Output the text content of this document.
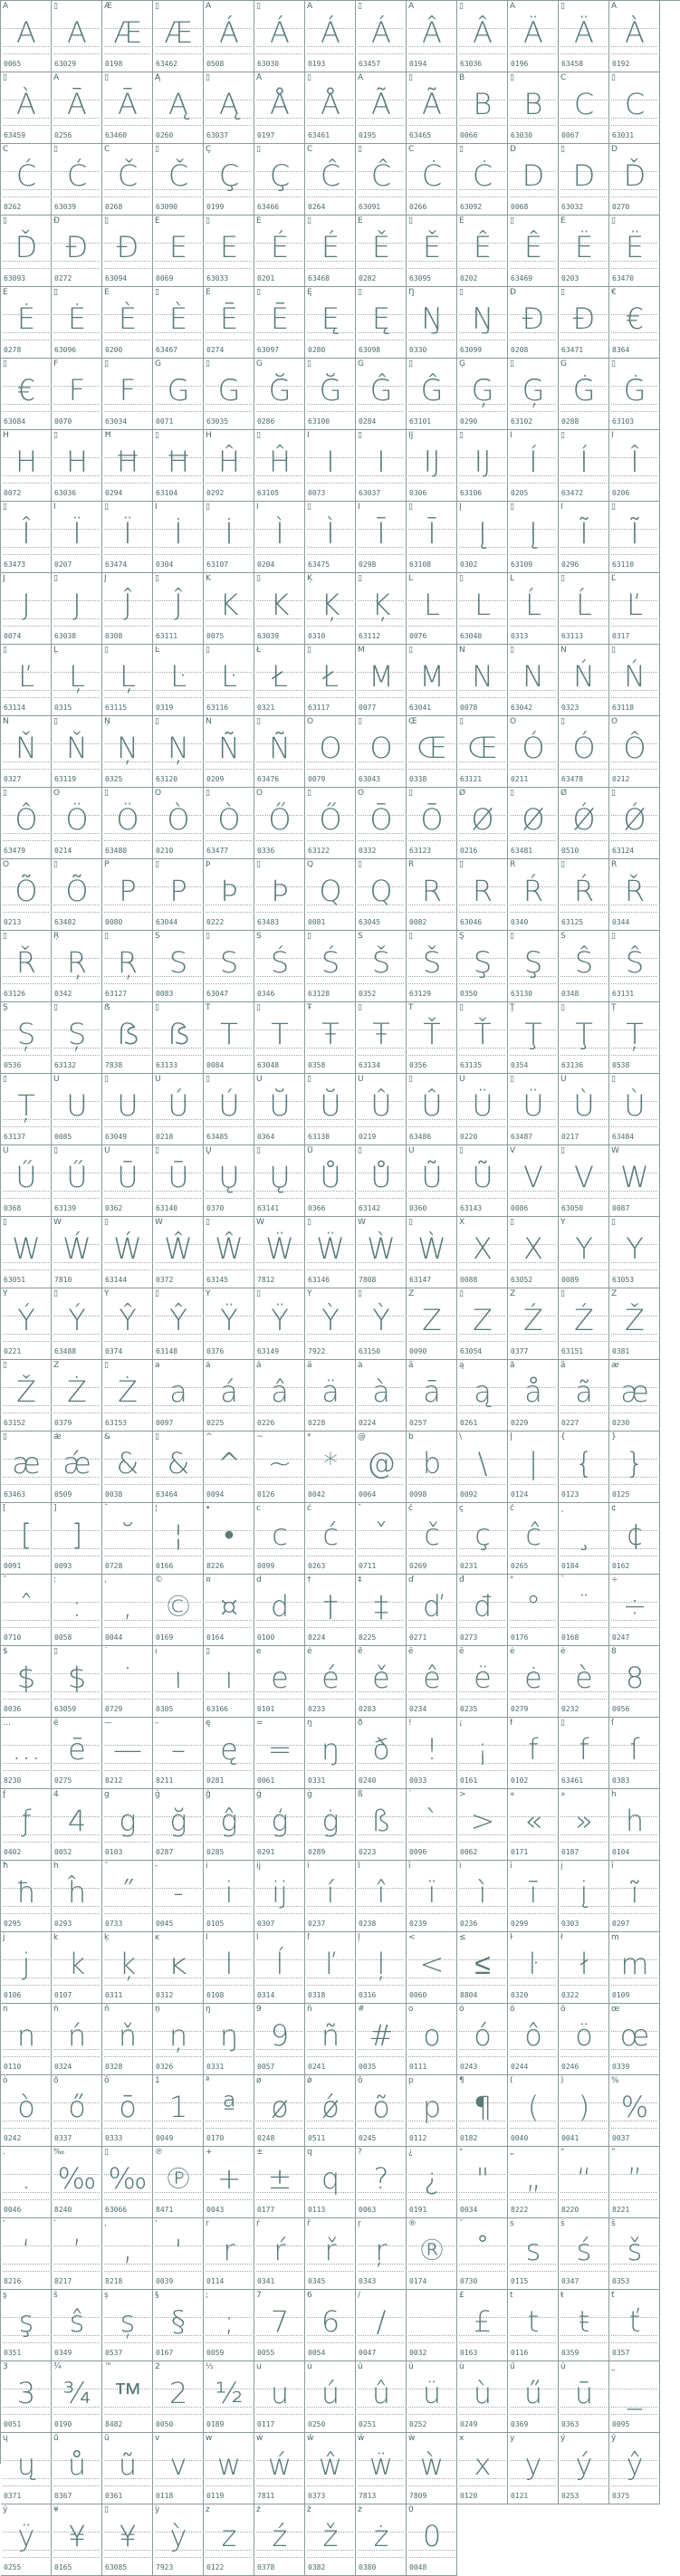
A
A
0065
▯
A
63029
Æ
Æ
0198
▯
Æ
63462
Á
Á
0508
▯
Á
63030
Á
Á
0193
▯
Á
63457
Â
Â
0194
▯
Â
63036
Ä
Ä
0196
▯
Ä
63458
À
À
0192
▯
À
63459
Â
Ā
0256
▯
Ā
63460
Ą
Ą
0260
▯
Ą
63037
Å
Å
0197
▯
Å
63461
Ã
Ã
0195
▯
Ã
63465
B
B
0066
▯
B
63030
C
C
0067
▯
C
63031
Ć
Ć
0262
▯
Ć
63039
Č
Č
0268
▯
Č
63090
Ç
Ç
0199
▯
Ç
63466
Ĉ
Ĉ
0264
▯
Ĉ
63091
Ċ
Ċ
0266
▯
Ċ
63092
D
D
0068
▯
D
63032
Ď
Ď
0270
▯
Ď
63093
Đ
Đ
0272
▯
Đ
63094
E
E
0069
▯
E
63033
É
É
0201
▯
É
63468
Ě
Ě
0282
▯
Ě
63095
Ê
Ê
0202
▯
Ê
63469
Ë
Ë
0203
▯
Ë
63470
Ė
Ė
0278
▯
Ė
63096
È
È
0200
▯
È
63467
Ē
Ē
0274
▯
Ē
63097
Ę
Ę
0280
▯
Ę
63098
Ŋ
Ŋ
0330
▯
Ŋ
63099
Ð
Ð
0208
▯
Ð
63471
€
€
8364
▯
€
63084
F
F
0070
▯
F
63034
G
G
0071
▯
G
63035
Ğ
Ğ
0286
▯
Ğ
63100
Ĝ
Ĝ
0284
▯
Ĝ
63101
Ģ
Ģ
0290
▯
Ģ
63102
Ġ
Ġ
0288
▯
Ġ
63103
H
H
0072
▯
H
63036
Ħ
Ħ
0294
▯
Ħ
63104
Ĥ
Ĥ
0292
▯
Ĥ
63105
I
I
0073
▯
I
63037
Ĳ
Ĳ
0306
▯
Ĳ
63106
Í
Í
0205
▯
Í
63472
Î
Î
0206
▯
Î
63473
Ï
Ï
0207
▯
Ï
63474
İ
İ
0304
▯
İ
63107
Ì
Ì
0204
▯
Ì
63475
Ī
Ī
0298
▯
Ī
63108
Į
Į
0302
▯
Į
63109
Ĩ
Ĩ
0296
▯
Ĩ
63110
J
J
0074
▯
J
63038
Ĵ
Ĵ
0308
▯
Ĵ
63111
K
K
0075
▯
K
63039
Ķ
Ķ
0310
▯
Ķ
63112
L
L
0076
▯
L
63040
Ĺ
Ĺ
0313
▯
Ĺ
63113
Ľ
Ľ
0317
▯
Ľ
63114
Ļ
Ļ
0315
▯
Ļ
63115
Ŀ
Ŀ
0319
▯
Ŀ
63116
Ł
Ł
0321
▯
Ł
63117
M
M
0077
▯
M
63041
N
N
0078
▯
N
63042
Ń
Ń
0323
▯
Ń
63118
Ň
Ň
0327
▯
Ň
63119
Ņ
Ņ
0325
▯
Ņ
63120
Ñ
Ñ
0209
▯
Ñ
63476
O
O
0079
▯
O
63043
Œ
Œ
0338
▯
Œ
63121
Ó
Ó
0211
▯
Ó
63478
Ô
Ô
0212
▯
Ô
63479
Ö
Ö
0214
▯
Ö
63480
Ò
Ò
0210
▯
Ò
63477
Ő
Ő
0336
▯
Ő
63122
Ō
Ō
0332
▯
Ō
63123
Ø
Ø
0216
▯
Ø
63481
Ǿ
Ǿ
0510
▯
Ǿ
63124
Õ
Õ
0213
▯
Õ
63482
P
P
0080
▯
P
63044
Þ
Þ
0222
▯
Þ
63483
Q
Q
0081
▯
Q
63045
R
R
0082
▯
R
63046
Ŕ
Ŕ
0340
▯
Ŕ
63125
Ř
Ř
0344
▯
Ř
63126
Ŗ
Ŗ
0342
▯
Ŗ
63127
S
S
0083
▯
S
63047
Ś
Ś
0346
▯
Ś
63128
Š
Š
0352
▯
Š
63129
Ş
Ş
0350
▯
Ş
63130
Ŝ
Ŝ
0348
▯
Ŝ
63131
Ș
Ș
0536
▯
Ș
63132
ẞ
ẞ
7838
▯
ẞ
63133
T
T
0084
▯
T
63048
Ŧ
Ŧ
0358
▯
Ŧ
63134
Ť
Ť
0356
▯
Ť
63135
Ţ
Ţ
0354
▯
Ţ
63136
Ț
Ț
0538
▯
Ț
63137
U
U
0085
▯
U
63049
Ú
Ú
0218
▯
Ú
63485
Ŭ
Ŭ
0364
▯
Ŭ
63138
Û
Û
0219
▯
Û
63486
Ü
Ü
0220
▯
Ü
63487
Ù
Ù
0217
▯
Ù
63484
Ű
Ű
0368
▯
Ű
63139
Ū
Ū
0362
▯
Ū
63140
Ų
Ų
0370
▯
Ų
63141
Ů
Ů
0366
▯
Ů
63142
Ũ
Ũ
0360
▯
Ũ
63143
V
V
0086
▯
V
63050
W
W
0087
▯
W
63051
Ẃ
Ẃ
7810
▯
Ẃ
63144
Ŵ
Ŵ
0372
▯
Ŵ
63145
Ẅ
Ẅ
7812
▯
Ẅ
63146
Ẁ
Ẁ
7808
▯
Ẁ
63147
X
X
0088
▯
X
63052
Y
Y
0089
▯
Y
63053
Ý
Ý
0221
▯
Ý
63488
Ŷ
Ŷ
0374
▯
Ŷ
63148
Ÿ
Ÿ
0376
▯
Ÿ
63149
Ỳ
Ỳ
7922
▯
Ỳ
63150
Z
Z
0090
▯
Z
63054
Ź
Ź
0377
▯
Ź
63151
Ž
Ž
0381
▯
Ž
63152
Ż
Ż
0379
▯
Ż
63153
a
a
0097
á
á
0225
â
â
0226
ä
ä
0228
à
à
0224
ā
ā
0257
ą
ą
0261
å
å
0229
ã
ã
0227
æ
æ
0230
▯
æ
63463
ǽ
ǽ
0509
&
&
0038
▯
&
63464
^
^
0094
~
~
0126
*
*
0042
@
@
0064
b
b
0098
\
\
0092
|
|
0124
{
{
0123
}
}
0125
[
[
0091
]
]
0093
˘
˘
0728
¦
¦
0166
•
•
8226
c
c
0099
ć
ć
0263
ˇ
ˇ
0711
č
č
0269
ç
ç
0231
ĉ
ĉ
0265
¸
¸
0184
¢
¢
0162
ˆ
ˆ
0710
:
:
0058
,
,
0044
©
©
0169
¤
¤
0164
d
d
0100
†
†
8224
‡
‡
8225
ď
ď
0271
đ
đ
0273
°
°
0176
¨
¨
0168
÷
÷
0247
$
$
0036
▯
$
63059
˙
˙
0729
ı
ı
0305
▯
ı
63166
e
e
0101
é
é
0233
ě
ě
0283
ê
ê
0234
ë
ë
0235
ė
ė
0279
è
è
0232
8
8
0056
…
…
8230
ē
ē
0275
—
—
8212
–
–
8211
ę
ę
0281
=
=
0061
ŋ
ŋ
0331
ð
ð
0240
!
!
0033
¡
¡
0161
f
f
0102
▯
f
63461
ſ
ſ
0383
ƒ
ƒ
0402
4
4
0052
g
g
0103
ğ
ğ
0287
ĝ
ĝ
0285
ģ
ģ
0291
ġ
ġ
0289
ß
ß
0223
`
`
0096
>
>
0062
«
«
0171
»
»
0187
h
h
0104
ħ
ħ
0295
ĥ
ĥ
0293
˝
˝
0733
-
-
0045
i
i
0105
ĳ
ĳ
0307
í
í
0237
î
î
0238
ï
ï
0239
ì
ì
0236
ī
ī
0299
į
į
0303
ĩ
ĩ
0297
j
j
0106
k
k
0107
ķ
ķ
0311
ĸ
ĸ
0312
l
l
0108
ĺ
ĺ
0314
ľ
ľ
0318
ļ
ļ
0316
<
<
0060
≤
≤
8804
ŀ
ŀ
0320
ł
ł
0322
m
m
0109
n
n
0110
ń
ń
0324
ň
ň
0328
ņ
ņ
0326
ŋ
ŋ
0331
9
9
0057
ñ
ñ
0241
#
#
0035
o
o
0111
ó
ó
0243
ô
ô
0244
ö
ö
0246
œ
œ
0339
ò
ò
0242
ő
ő
0337
ō
ō
0333
1
1
0049
ª
ª
0170
ø
ø
0248
ǿ
ǿ
0511
õ
õ
0245
p
p
0112
¶
¶
0182
(
(
0040
)
)
0041
%
%
0037
.
.
0046
‰
‰
8240
▯
‰
63066
℗
℗
8471
+
+
0043
±
±
0177
q
q
0113
?
?
0063
¿
¿
0191
"
"
0034
„
„
8222
“
“
8220
”
”
8221
‘
‘
8216
’
’
8217
‚
‚
8218
'
'
0039
r
r
0114
ŕ
ŕ
0341
ř
ř
0345
ŗ
ŗ
0343
®
®
0174
˚
˚
0730
s
s
0115
ś
ś
0347
š
š
0353
ş
ş
0351
ŝ
ŝ
0349
ș
ș
0537
§
§
0167
;
;
0059
7
7
0055
6
6
0054
/
/
0047	0032
£
£
0163
t
t
0116
ŧ
ŧ
0359
ť
ť
0357
3
3
0051
¾
¾
0190
™
™
8482
2
2
0050
½
½
0189
u
u
0117
ú
ú
0250
û
û
0251
ü
ü
0252
ù
ù
0249
ű
ű
0369
ū
ū
0363
_
_
0095
ų
ų
0371
ů
ů
0367
ũ
ũ
0361
v
v
0118
w
w
0119
ẃ
ẃ
7811
ŵ
ŵ
0373
ẅ
ẅ
7813
ẁ
ẁ
7809
x
x
0120
y
y
0121
ý
ý
0253
ŷ
ŷ
0375
ÿ
ÿ
0255
¥
¥
0165
▯
¥
63085
ỳ
ỳ
7923
z
z
0122
ź
ź
0378
ž
ž
0382
ż
ż
0380
0
0
0048
